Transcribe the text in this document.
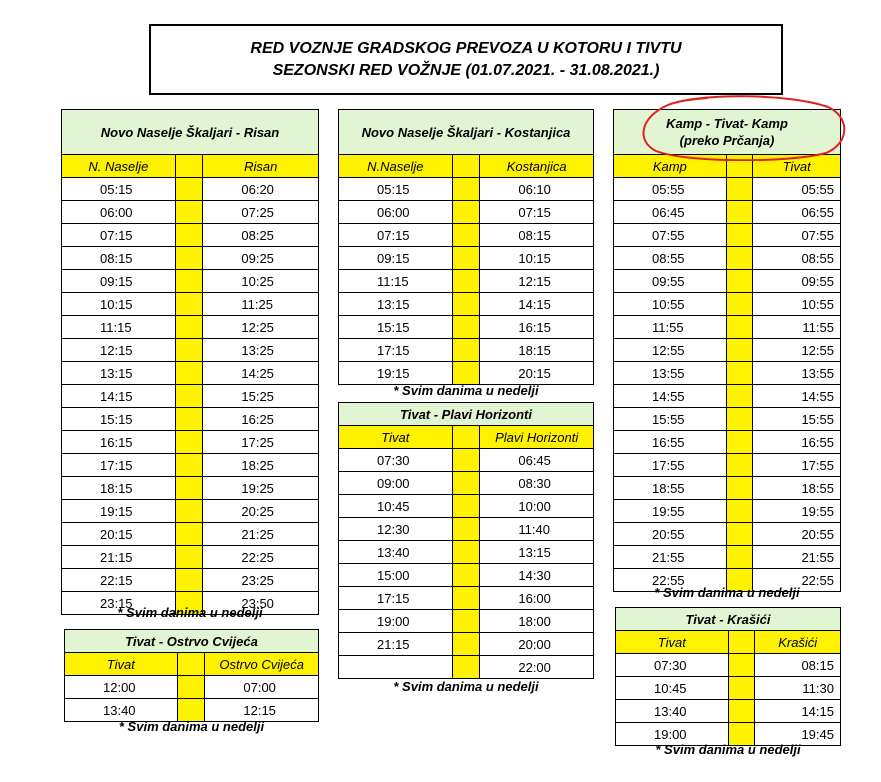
RED VOZNJE GRADSKOG PREVOZA U KOTORU I TIVTU
SEZONSKI RED VOŽNJE (01.07.2021. - 31.08.2021.)
Novo Naselje Škaljari - Risan		
N. Naselje		Risan
05:15		06:20
06:00		07:25
07:15		08:25
08:15		09:25
09:15		10:25
10:15		11:25
11:15		12:25
12:15		13:25
13:15		14:25
14:15		15:25
15:15		16:25
16:15		17:25
17:15		18:25
18:15		19:25
19:15		20:25
20:15		21:25
21:15		22:25
22:15		23:25
23:15		23:50
* Svim danima u nedelji
Tivat - Ostrvo Cvijeća		
Tivat		Ostrvo Cvijeća
12:00		07:00
13:40		12:15
* Svim danima u nedelji
Novo Naselje Škaljari - Kostanjica		
N.Naselje		Kostanjica
05:15		06:10
06:00		07:15
07:15		08:15
09:15		10:15
11:15		12:15
13:15		14:15
15:15		16:15
17:15		18:15
19:15		20:15
* Svim danima u nedelji
Tivat - Plavi Horizonti		
Tivat		Plavi Horizonti
07:30		06:45
09:00		08:30
10:45		10:00
12:30		11:40
13:40		13:15
15:00		14:30
17:15		16:00
19:00		18:00
21:15		20:00
		22:00
* Svim danima u nedelji
Kamp - Tivat- Kamp
(preko Prčanja)		
Kamp		Tivat
05:55		05:55
06:45		06:55
07:55		07:55
08:55		08:55
09:55		09:55
10:55		10:55
11:55		11:55
12:55		12:55
13:55		13:55
14:55		14:55
15:55		15:55
16:55		16:55
17:55		17:55
18:55		18:55
19:55		19:55
20:55		20:55
21:55		21:55
22:55		22:55
* Svim danima u nedelji
Tivat - Krašići		
Tivat		Krašići
07:30		08:15
10:45		11:30
13:40		14:15
19:00		19:45
* Svim danima u nedelji
